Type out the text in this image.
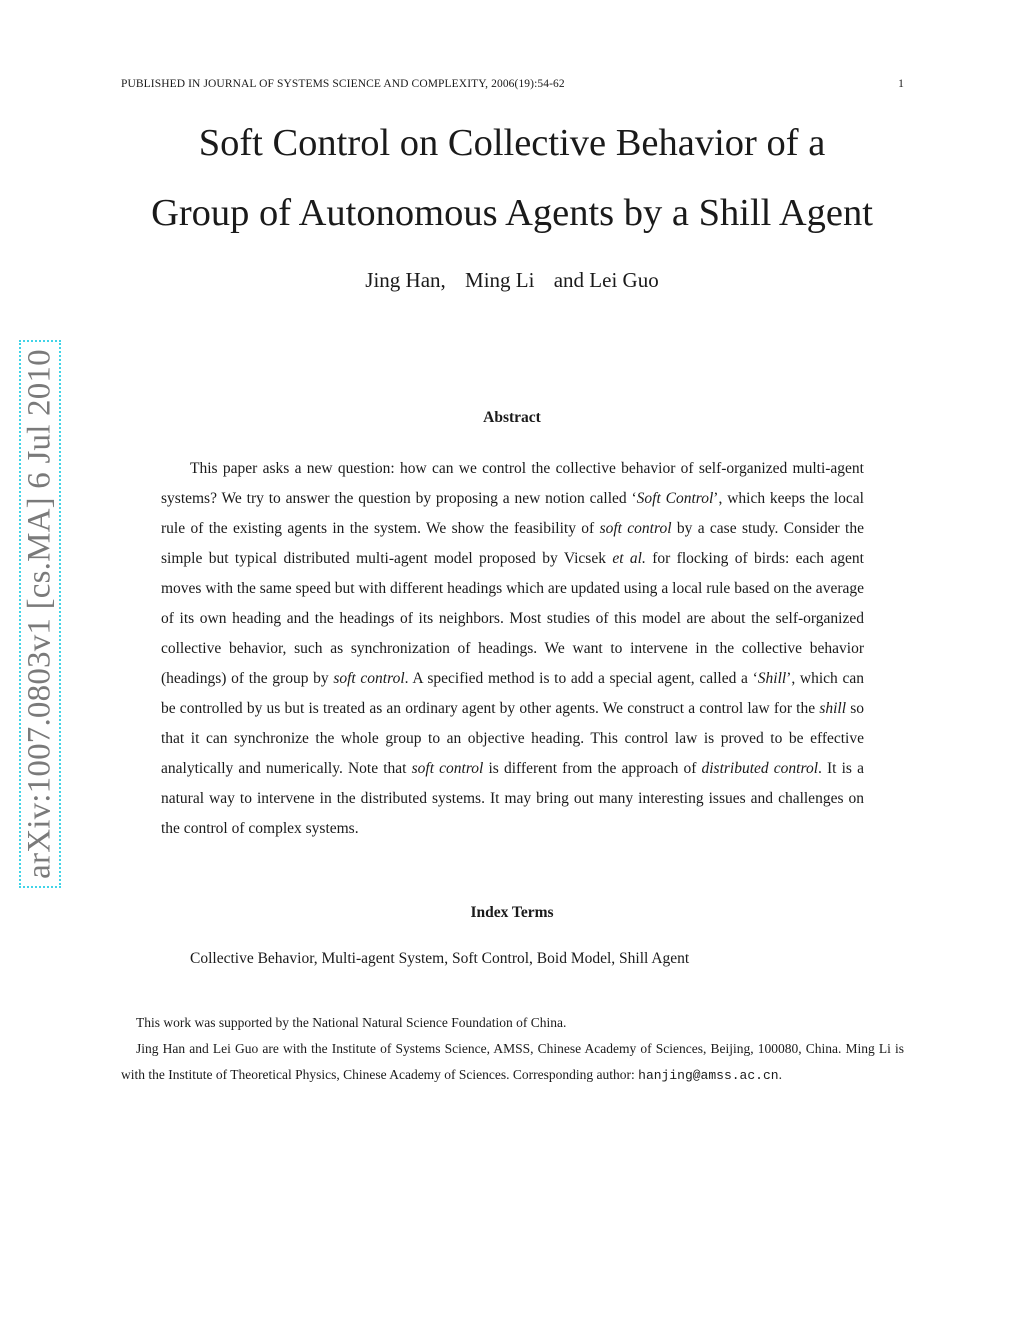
PUBLISHED IN JOURNAL OF SYSTEMS SCIENCE AND COMPLEXITY, 2006(19):54-62	1
Soft Control on Collective Behavior of a
Group of Autonomous Agents by a Shill Agent
Jing Han, Ming Li and Lei Guo
arXiv:1007.0803v1 [cs.MA] 6 Jul 2010	Abstract

This paper asks a new question: how can we control the collective behavior of self-organized multi-agent systems? We try to answer the question by proposing a new notion called ‘Soft Control’, which keeps the local rule of the existing agents in the system. We show the feasibility of soft control by a case study. Consider the simple but typical distributed multi-agent model proposed by Vicsek et al. for flocking of birds: each agent moves with the same speed but with different headings which are updated using a local rule based on the average of its own heading and the headings of its neighbors. Most studies of this model are about the self-organized collective behavior, such as synchronization of headings. We want to intervene in the collective behavior (headings) of the group by soft control. A specified method is to add a special agent, called a ‘Shill’, which can be controlled by us but is treated as an ordinary agent by other agents. We construct a control law for the shill so that it can synchronize the whole group to an objective heading. This control law is proved to be effective analytically and numerically. Note that soft control is different from the approach of distributed control. It is a natural way to intervene in the distributed systems. It may bring out many interesting issues and challenges on the control of complex systems.

Index Terms
Collective Behavior, Multi-agent System, Soft Control, Boid Model, Shill Agent

This work was supported by the National Natural Science Foundation of China.

Jing Han and Lei Guo are with the Institute of Systems Science, AMSS, Chinese Academy of Sciences, Beijing, 100080, China. Ming Li is with the Institute of Theoretical Physics, Chinese Academy of Sciences. Corresponding author: hanjing@amss.ac.cn.
